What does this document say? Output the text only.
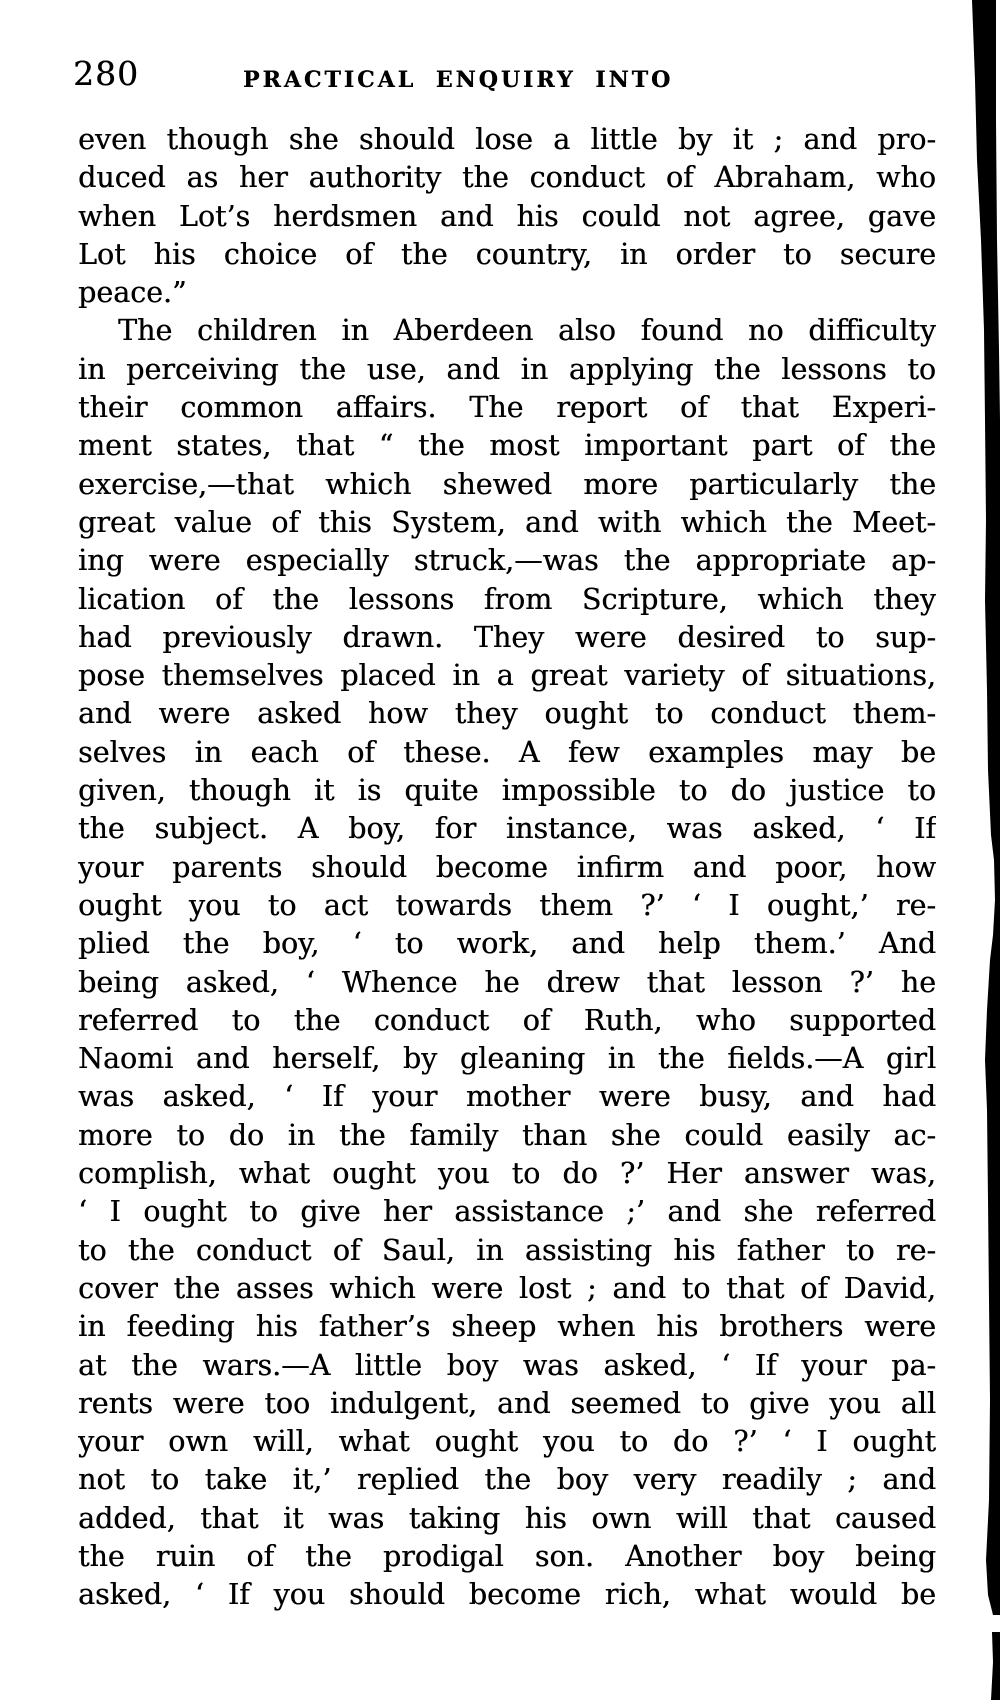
280	PRACTICAL ENQUIRY INTO
even though she should lose a little by it ; and pro-
duced as her authority the conduct of Abraham, who
when Lot’s herdsmen and his could not agree, gave
Lot his choice of the country, in order to secure
peace.”
The children in Aberdeen also found no difficulty
in perceiving the use, and in applying the lessons to
their common affairs. The report of that Experi-
ment states, that “ the most important part of the
exercise,—that which shewed more particularly the
great value of this System, and with which the Meet-
ing were especially struck,—was the appropriate ap-
lication of the lessons from Scripture, which they
had previously drawn. They were desired to sup-
pose themselves placed in a great variety of situations,
and were asked how they ought to conduct them-
selves in each of these. A few examples may be
given, though it is quite impossible to do justice to
the subject. A boy, for instance, was asked, ‘ If
your parents should become infirm and poor, how
ought you to act towards them ?’ ‘ I ought,’ re-
plied the boy, ‘ to work, and help them.’ And
being asked, ‘ Whence he drew that lesson ?’ he
referred to the conduct of Ruth, who supported
Naomi and herself, by gleaning in the fields.—A girl
was asked, ‘ If your mother were busy, and had
more to do in the family than she could easily ac-
complish, what ought you to do ?’ Her answer was,
‘ I ought to give her assistance ;’ and she referred
to the conduct of Saul, in assisting his father to re-
cover the asses which were lost ; and to that of David,
in feeding his father’s sheep when his brothers were
at the wars.—A little boy was asked, ‘ If your pa-
rents were too indulgent, and seemed to give you all
your own will, what ought you to do ?’ ‘ I ought
not to take it,’ replied the boy very readily ; and
added, that it was taking his own will that caused
the ruin of the prodigal son. Another boy being
asked, ‘ If you should become rich, what would be
